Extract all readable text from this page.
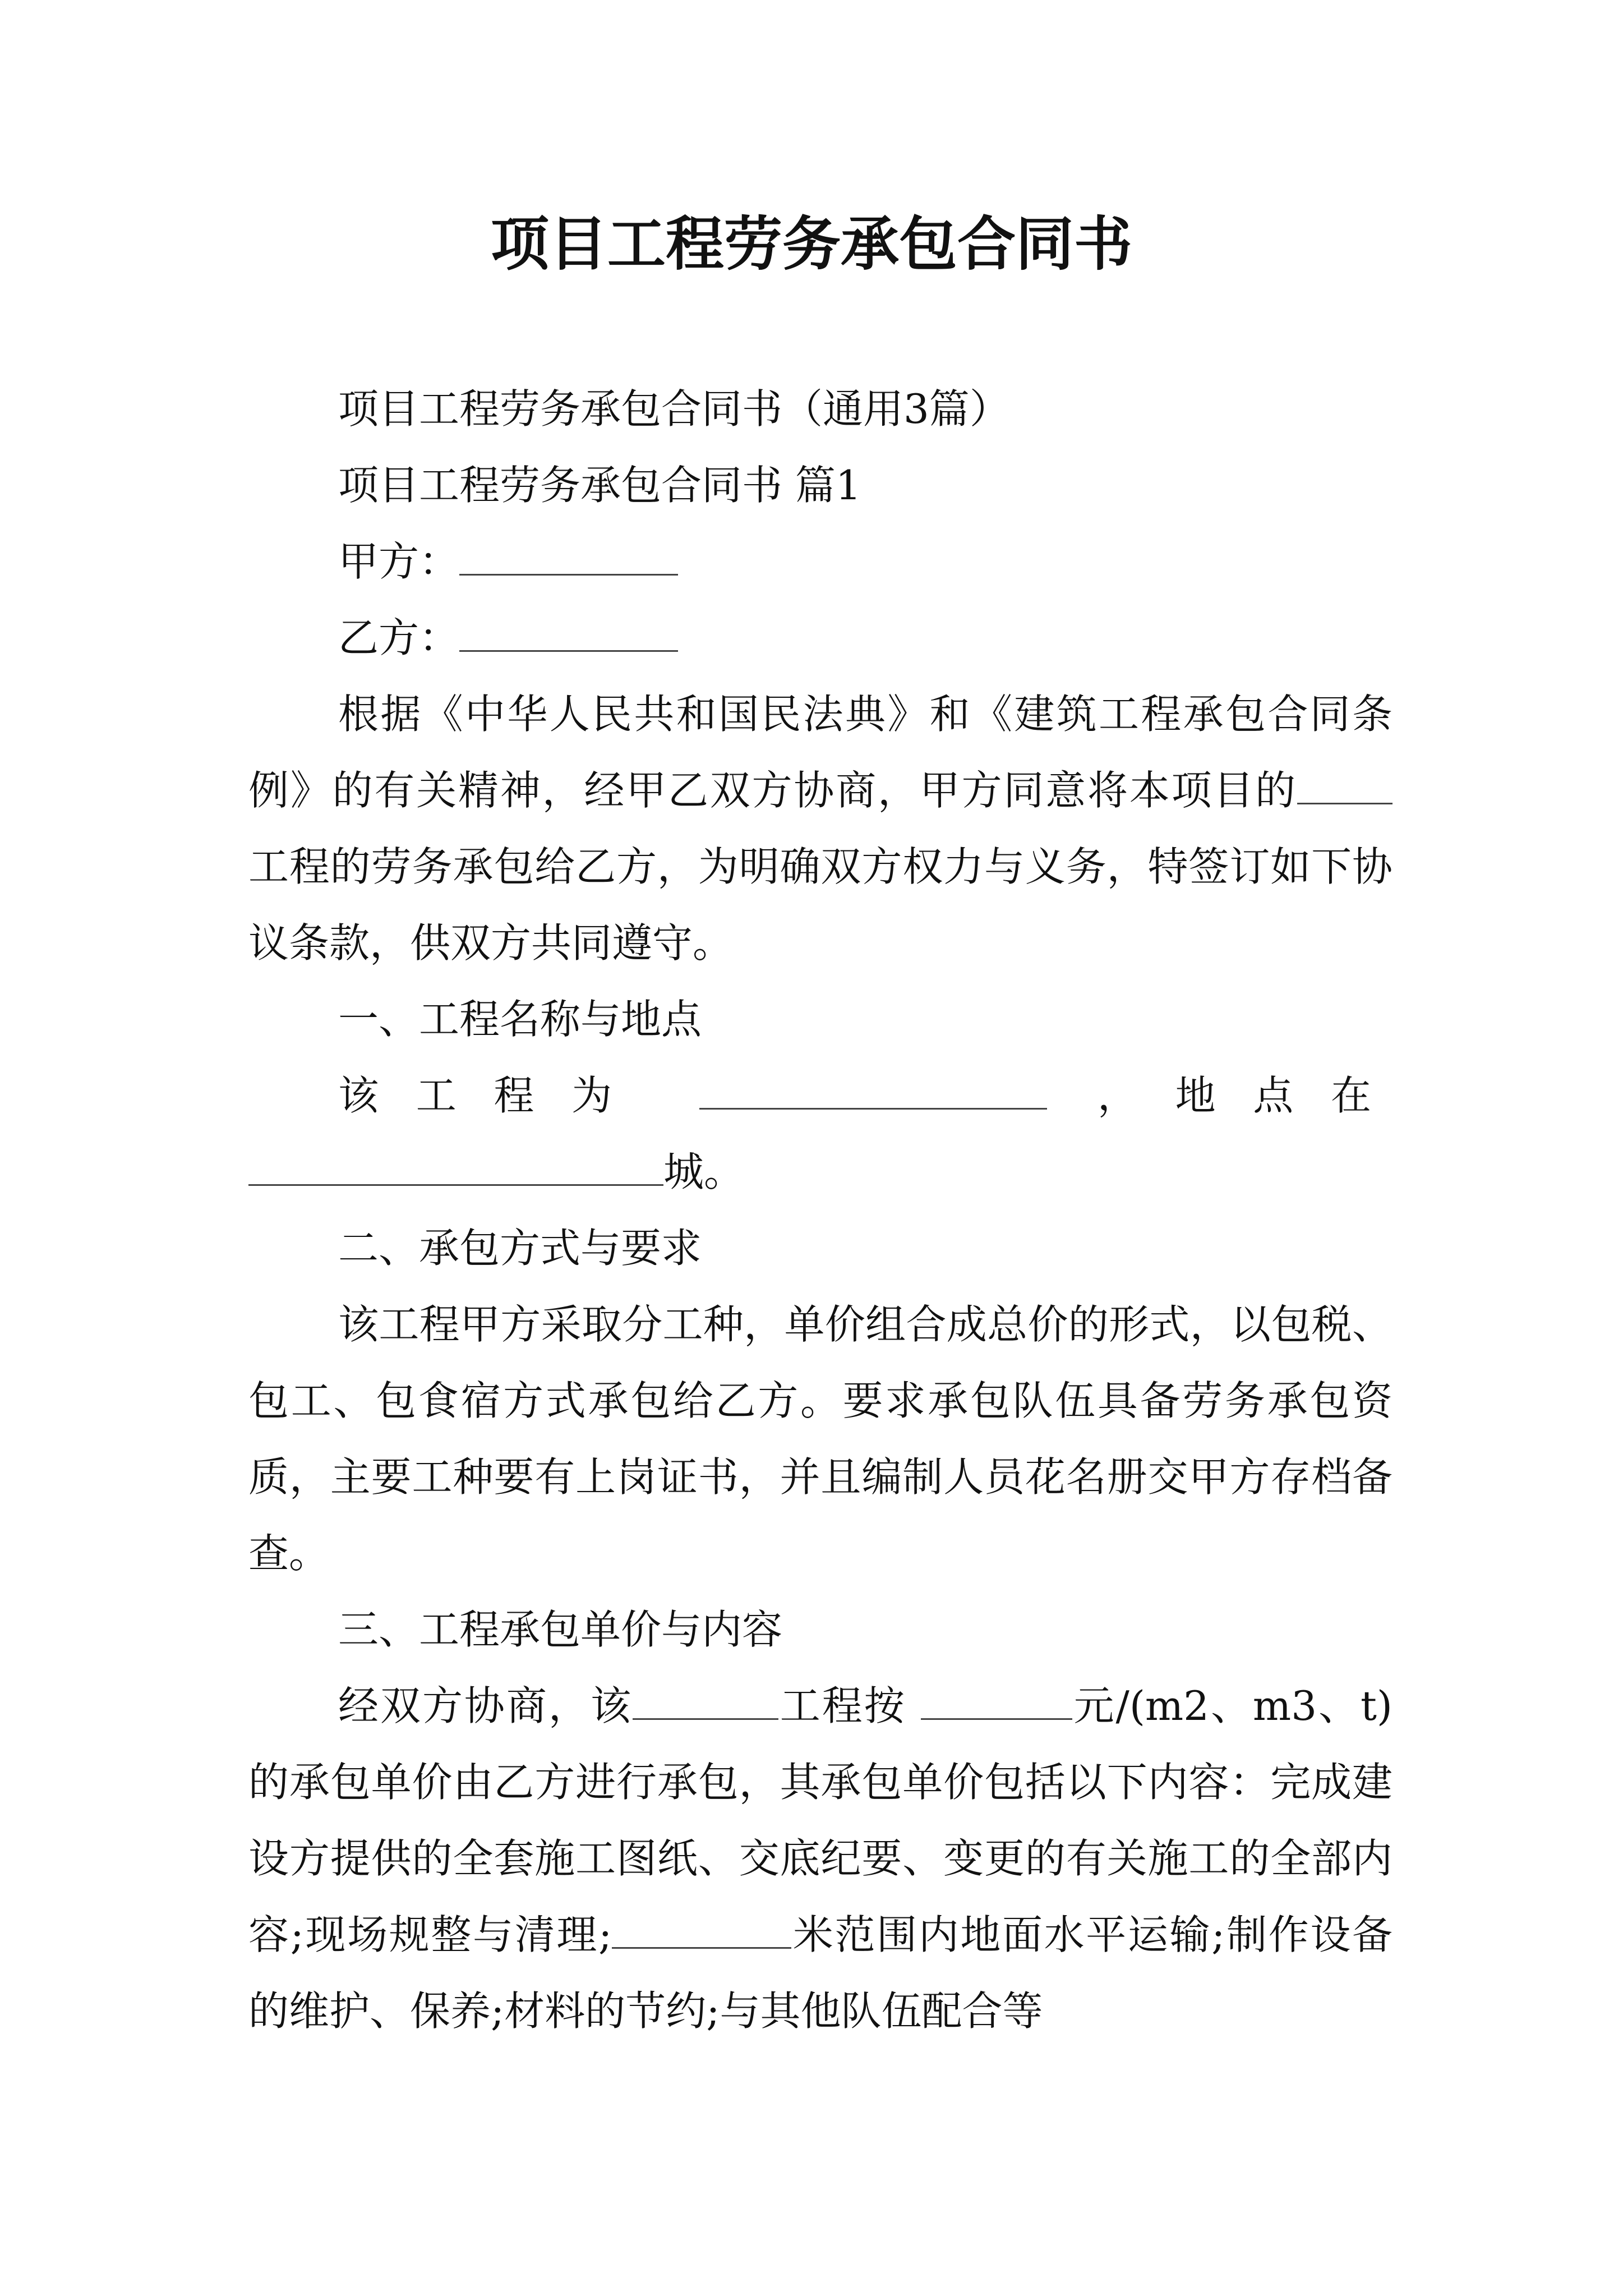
项目工程劳务承包合同书

项目工程劳务承包合同书（通用3篇）

项目工程劳务承包合同书 篇1

甲方：

乙方：

根据《中华人民共和国民法典》和《建筑工程承包合同条例》的有关精神，经甲乙双方协商，甲方同意将本项目的工程的劳务承包给乙方，为明确双方权力与义务，特签订如下协议条款，供双方共同遵守。

一、工程名称与地点

该工程为	，地点在

城。

二、承包方式与要求

该工程甲方采取分工种，单价组合成总价的形式，以包税、包工、包食宿方式承包给乙方。要求承包队伍具备劳务承包资质，主要工种要有上岗证书，并且编制人员花名册交甲方存档备查。

三、工程承包单价与内容

经双方协商，该	工程按	元/(m2、m3、t)的承包单价由乙方进行承包，其承包单价包括以下内容：完成建设方提供的全套施工图纸、交底纪要、变更的有关施工的全部内容;现场规整与清理;	米范围内地面水平运输;制作设备的维护、保养;材料的节约;与其他队伍配合等
